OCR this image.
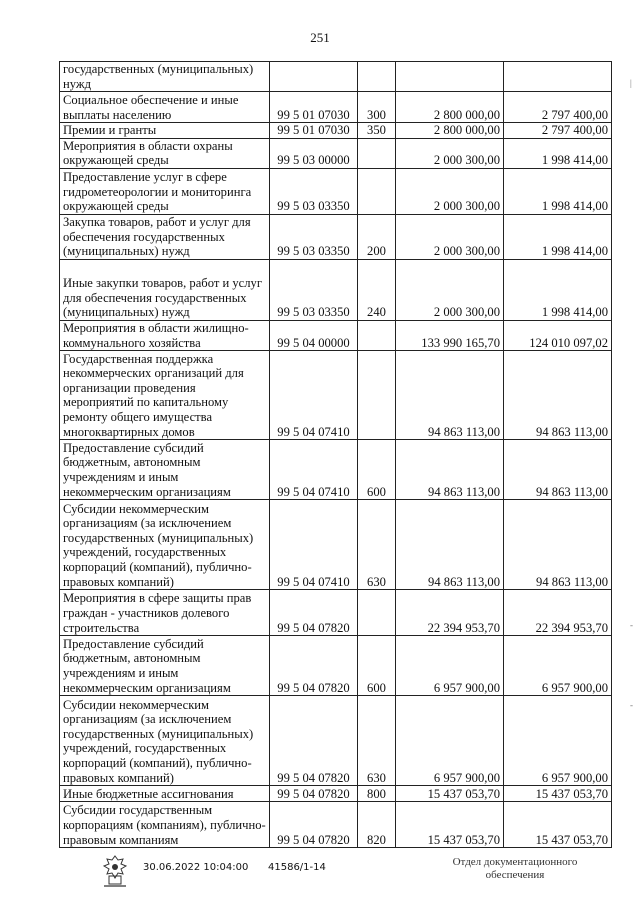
251
государственных (муниципальных) нужд				
Социальное обеспечение и иные выплаты населению	99 5 01 07030	300	2 800 000,00	2 797 400,00
Премии и гранты	99 5 01 07030	350	2 800 000,00	2 797 400,00
Мероприятия в области охраны окружающей среды	99 5 03 00000		2 000 300,00	1 998 414,00
Предоставление услуг в сфере гидрометеорологии и мониторинга окружающей среды	99 5 03 03350		2 000 300,00	1 998 414,00
Закупка товаров, работ и услуг для обеспечения государственных (муниципальных) нужд	99 5 03 03350	200	2 000 300,00	1 998 414,00
Иные закупки товаров, работ и услуг для обеспечения государственных (муниципальных) нужд	99 5 03 03350	240	2 000 300,00	1 998 414,00
Мероприятия в области жилищно-коммунального хозяйства	99 5 04 00000		133 990 165,70	124 010 097,02
Государственная поддержка некоммерческих организаций для организации проведения мероприятий по капитальному ремонту общего имущества многоквартирных домов	99 5 04 07410		94 863 113,00	94 863 113,00
Предоставление субсидий бюджетным, автономным учреждениям и иным некоммерческим организациям	99 5 04 07410	600	94 863 113,00	94 863 113,00
Субсидии некоммерческим организациям (за исключением государственных (муниципальных) учреждений, государственных корпораций (компаний), публично-правовых компаний)	99 5 04 07410	630	94 863 113,00	94 863 113,00
Мероприятия в сфере защиты прав граждан - участников долевого строительства	99 5 04 07820		22 394 953,70	22 394 953,70
Предоставление субсидий бюджетным, автономным учреждениям и иным некоммерческим организациям	99 5 04 07820	600	6 957 900,00	6 957 900,00
Субсидии некоммерческим организациям (за исключением государственных (муниципальных) учреждений, государственных корпораций (компаний), публично-правовых компаний)	99 5 04 07820	630	6 957 900,00	6 957 900,00
Иные бюджетные ассигнования	99 5 04 07820	800	15 437 053,70	15 437 053,70
Субсидии государственным корпорациям (компаниям), публично-правовым компаниям	99 5 04 07820	820	15 437 053,70	15 437 053,70
|
-
-
30.06.2022 10:04:00 41586/1-14	Отдел документационного обеспечения
